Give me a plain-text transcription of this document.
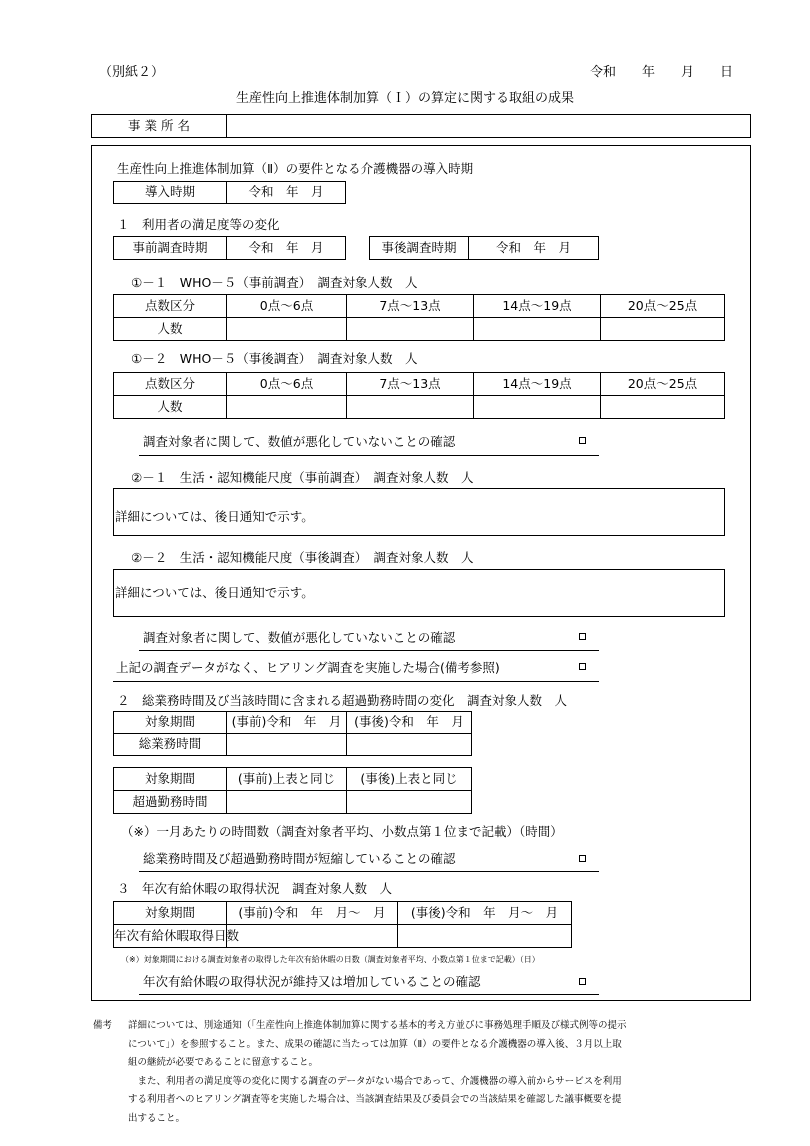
（別紙２）	令和　　年　　月　　日
生産性向上推進体制加算（Ｉ）の算定に関する取組の成果
事 業 所 名	
生産性向上推進体制加算（Ⅱ）の要件となる介護機器の導入時期
導入時期	令和　年　月
１　利用者の満足度等の変化
事前調査時期	令和　年　月	事後調査時期	令和　年　月
①－１　WHO－５（事前調査）　調査対象人数　人
点数区分	0点～6点	7点～13点	14点～19点	20点～25点
人数				
①－２　WHO－５（事後調査）　調査対象人数　人
点数区分	0点～6点	7点～13点	14点～19点	20点～25点
人数				
調査対象者に関して、数値が悪化していないことの確認
②－１　生活・認知機能尺度（事前調査）　調査対象人数　人
詳細については、後日通知で示す。
②－２　生活・認知機能尺度（事後調査）　調査対象人数　人
詳細については、後日通知で示す。
調査対象者に関して、数値が悪化していないことの確認
上記の調査データがなく、ヒアリング調査を実施した場合(備考参照)
２　総業務時間及び当該時間に含まれる超過勤務時間の変化　調査対象人数　人
対象期間	(事前)令和　年　月	(事後)令和　年　月
総業務時間		
対象期間	(事前)上表と同じ	(事後)上表と同じ
超過勤務時間		
（※）一月あたりの時間数（調査対象者平均、小数点第１位まで記載）（時間）
総業務時間及び超過勤務時間が短縮していることの確認
３　年次有給休暇の取得状況　調査対象人数　人
対象期間	(事前)令和　年　月～　月	(事後)令和　年　月～　月
年次有給休暇取得日数		
（※）対象期間における調査対象者の取得した年次有給休暇の日数（調査対象者平均、小数点第１位まで記載）（日）
年次有給休暇の取得状況が維持又は増加していることの確認
備考 詳細については、別途通知（「生産性向上推進体制加算に関する基本的考え方並びに事務処理手順及び様式例等の提示
について」）を参照すること。また、成果の確認に当たっては加算（Ⅱ）の要件となる介護機器の導入後、３月以上取
組の継続が必要であることに留意すること。
　また、利用者の満足度等の変化に関する調査のデータがない場合であって、介護機器の導入前からサービスを利用
する利用者へのヒアリング調査等を実施した場合は、当該調査結果及び委員会での当該結果を確認した議事概要を提
出すること。
